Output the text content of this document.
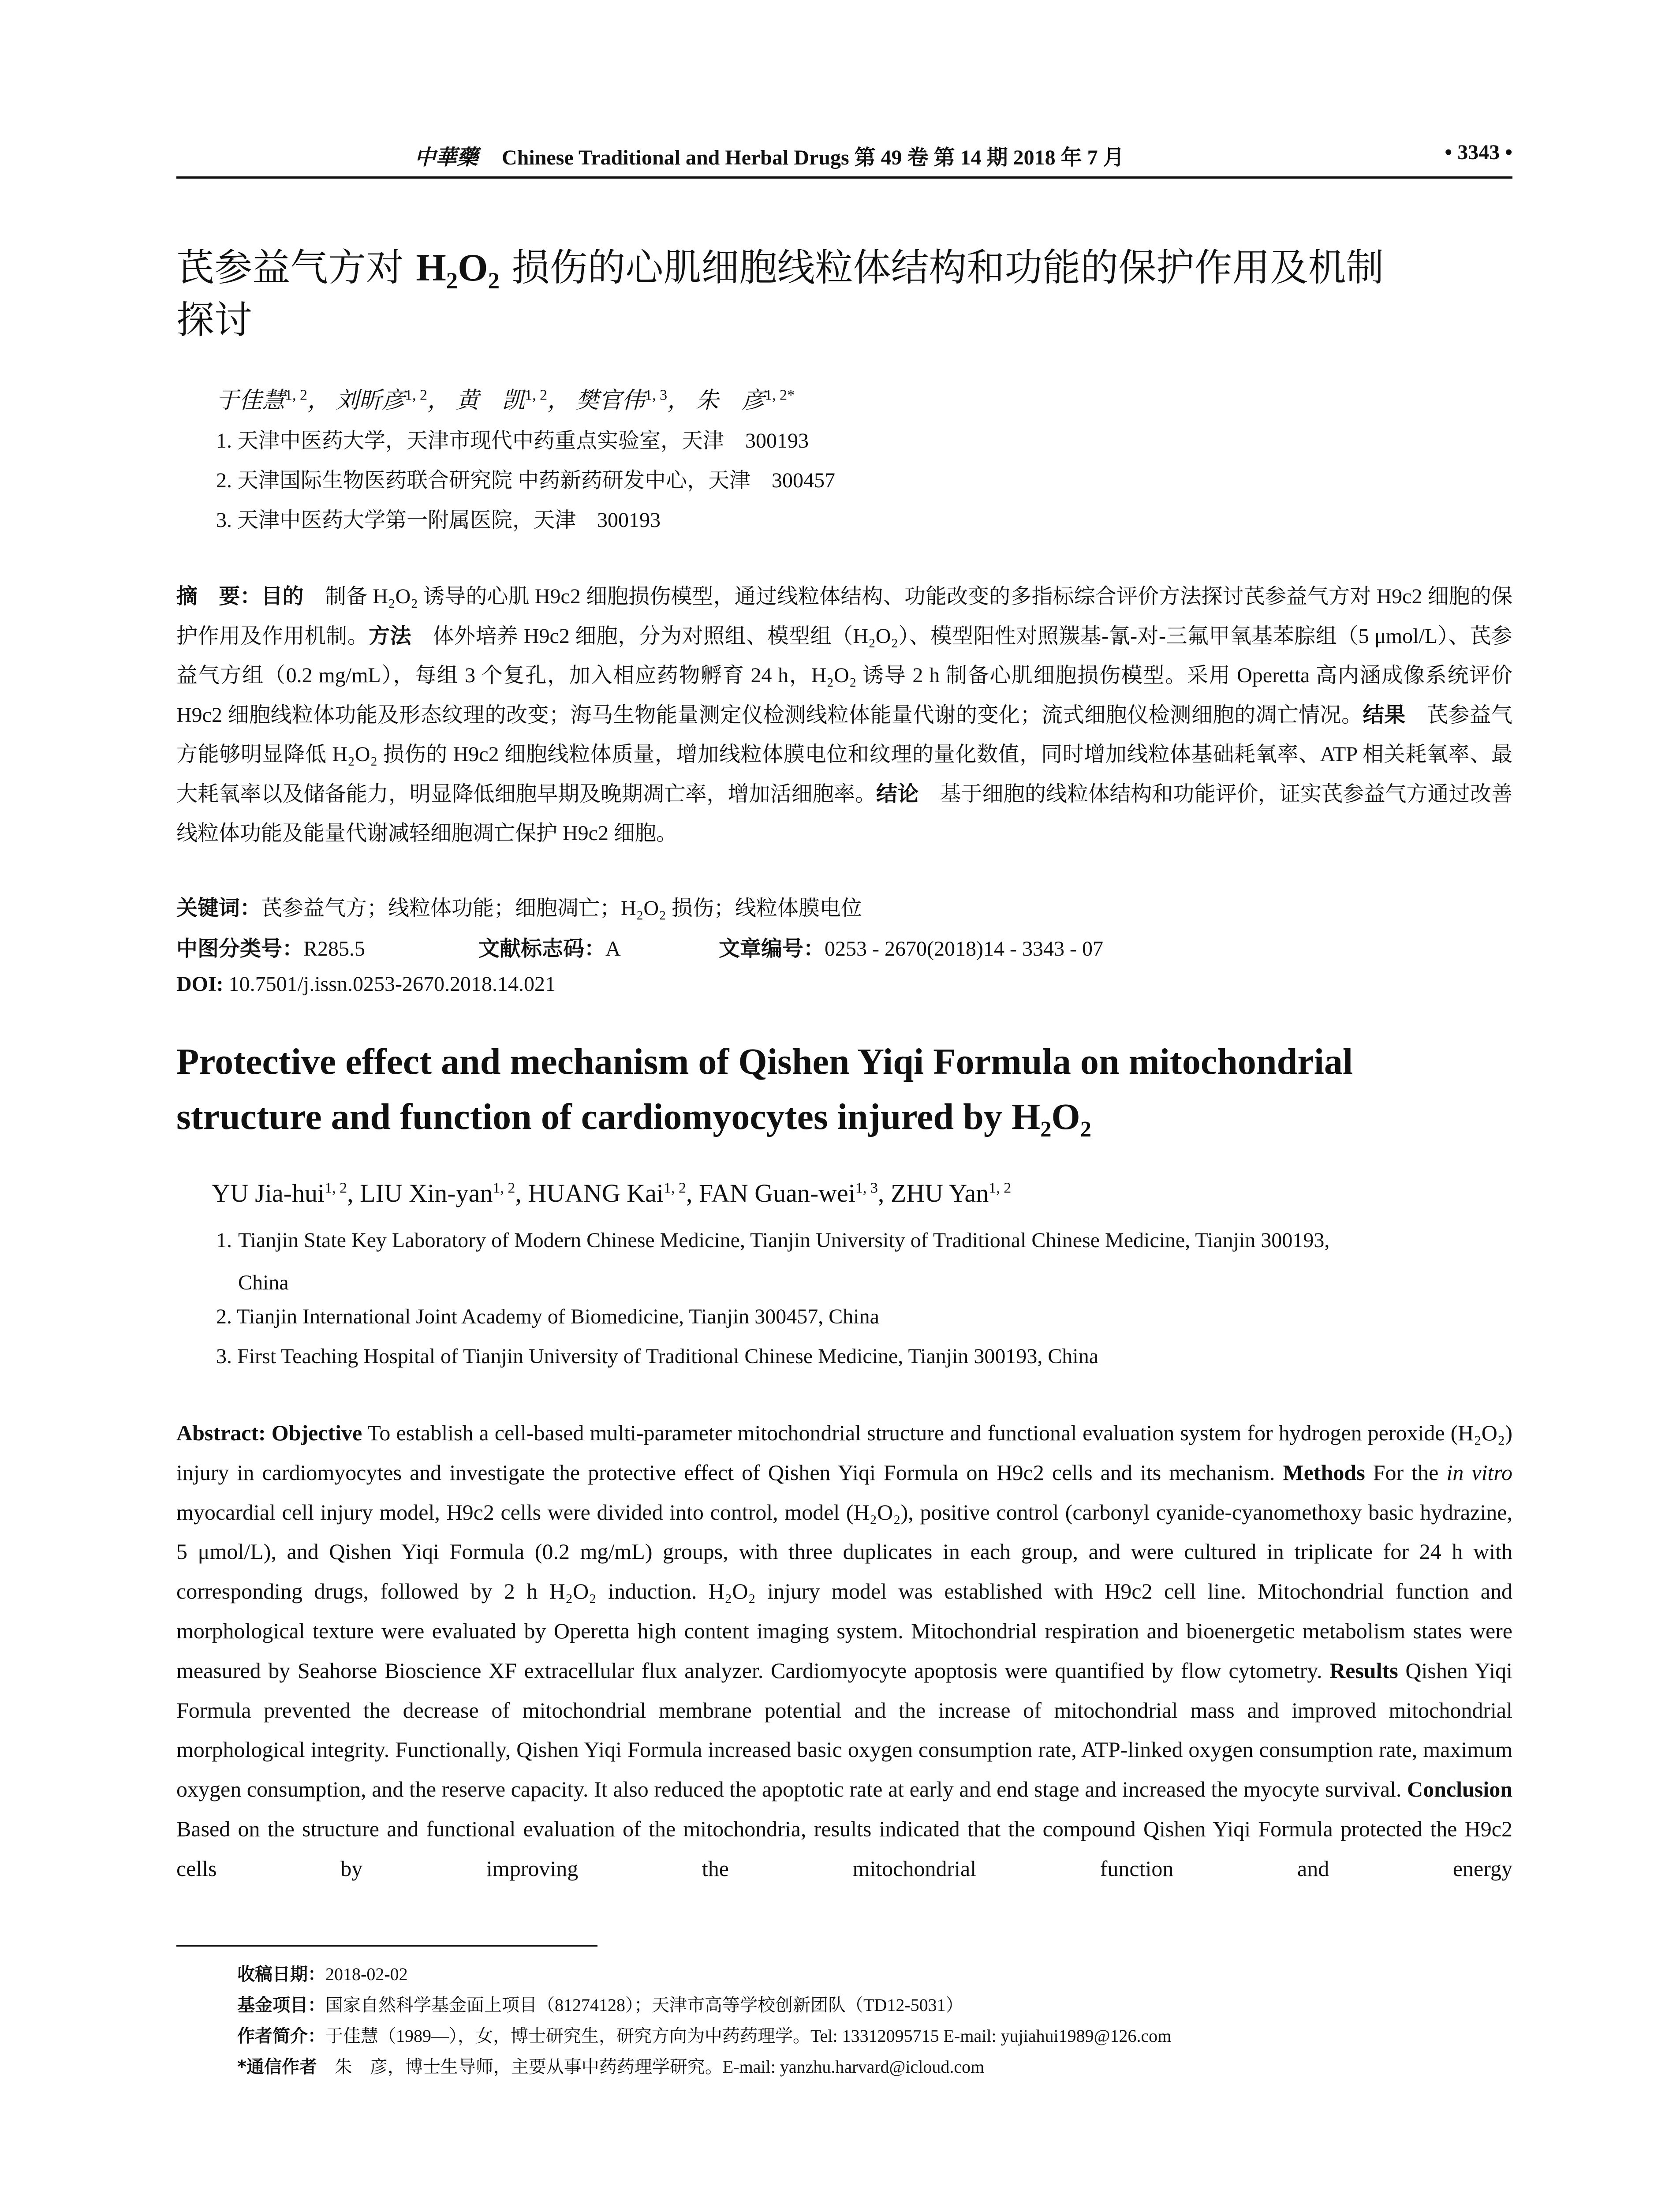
中華藥 Chinese Traditional and Herbal Drugs 第 49 卷 第 14 期 2018 年 7 月	• 3343 •
芪参益气方对 H₂O₂ 损伤的心肌细胞线粒体结构和功能的保护作用及机制
探讨
于佳慧$^{1, 2}$， 刘昕彦$^{1, 2}$， 黄　凯$^{1, 2}$， 樊官伟$^{1, 3}$， 朱　彦$^{1, 2*}$
1. 天津中医药大学，天津市现代中药重点实验室，天津　300193
2. 天津国际生物医药联合研究院 中药新药研发中心，天津　300457
3. 天津中医药大学第一附属医院，天津　300193
摘　要：目的　制备 H₂O₂ 诱导的心肌 H9c2 细胞损伤模型，通过线粒体结构、功能改变的多指标综合评价方法探讨芪参益气方对 H9c2 细胞的保护作用及作用机制。方法　体外培养 H9c2 细胞，分为对照组、模型组（H₂O₂）、模型阳性对照羰基-氰-对-三氟甲氧基苯腙组（5 μmol/L）、芪参益气方组（0.2 mg/mL），每组 3 个复孔，加入相应药物孵育 24 h，H₂O₂ 诱导 2 h 制备心肌细胞损伤模型。采用 Operetta 高内涵成像系统评价 H9c2 细胞线粒体功能及形态纹理的改变；海马生物能量测定仪检测线粒体能量代谢的变化；流式细胞仪检测细胞的凋亡情况。结果　芪参益气方能够明显降低 H₂O₂ 损伤的 H9c2 细胞线粒体质量，增加线粒体膜电位和纹理的量化数值，同时增加线粒体基础耗氧率、ATP 相关耗氧率、最大耗氧率以及储备能力，明显降低细胞早期及晚期凋亡率，增加活细胞率。结论　基于细胞的线粒体结构和功能评价，证实芪参益气方通过改善线粒体功能及能量代谢减轻细胞凋亡保护 H9c2 细胞。
关键词：芪参益气方；线粒体功能；细胞凋亡；H₂O₂ 损伤；线粒体膜电位
中图分类号：R285.5	文献标志码：A	文章编号：0253 - 2670(2018)14 - 3343 - 07
DOI: 10.7501/j.issn.0253-2670.2018.14.021
Protective effect and mechanism of Qishen Yiqi Formula on mitochondrial
structure and function of cardiomyocytes injured by H₂O₂
YU Jia-hui$^{1, 2}$, LIU Xin-yan$^{1, 2}$, HUANG Kai$^{1, 2}$, FAN Guan-wei$^{1, 3}$, ZHU Yan$^{1, 2}$
1. Tianjin State Key Laboratory of Modern Chinese Medicine, Tianjin University of Traditional Chinese Medicine, Tianjin 300193,
China
2. Tianjin International Joint Academy of Biomedicine, Tianjin 300457, China
3. First Teaching Hospital of Tianjin University of Traditional Chinese Medicine, Tianjin 300193, China
Abstract: Objective To establish a cell-based multi-parameter mitochondrial structure and functional evaluation system for hydrogen peroxide (H₂O₂) injury in cardiomyocytes and investigate the protective effect of Qishen Yiqi Formula on H9c2 cells and its mechanism. Methods For the in vitro myocardial cell injury model, H9c2 cells were divided into control, model (H₂O₂), positive control (carbonyl cyanide-cyanomethoxy basic hydrazine, 5 μmol/L), and Qishen Yiqi Formula (0.2 mg/mL) groups, with three duplicates in each group, and were cultured in triplicate for 24 h with corresponding drugs, followed by 2 h H₂O₂ induction. H₂O₂ injury model was established with H9c2 cell line. Mitochondrial function and morphological texture were evaluated by Operetta high content imaging system. Mitochondrial respiration and bioenergetic metabolism states were measured by Seahorse Bioscience XF extracellular flux analyzer. Cardiomyocyte apoptosis were quantified by flow cytometry. Results Qishen Yiqi Formula prevented the decrease of mitochondrial membrane potential and the increase of mitochondrial mass and improved mitochondrial morphological integrity. Functionally, Qishen Yiqi Formula increased basic oxygen consumption rate, ATP-linked oxygen consumption rate, maximum oxygen consumption, and the reserve capacity. It also reduced the apoptotic rate at early and end stage and increased the myocyte survival. Conclusion Based on the structure and functional evaluation of the mitochondria, results indicated that the compound Qishen Yiqi Formula protected the H9c2 cells by improving the mitochondrial function and energy
收稿日期：2018-02-02
基金项目：国家自然科学基金面上项目（81274128）；天津市高等学校创新团队（TD12-5031）
作者简介：于佳慧（1989—），女，博士研究生，研究方向为中药药理学。Tel: 13312095715 E-mail: yujiahui1989@126.com
*通信作者　朱　彦，博士生导师，主要从事中药药理学研究。E-mail: yanzhu.harvard@icloud.com
